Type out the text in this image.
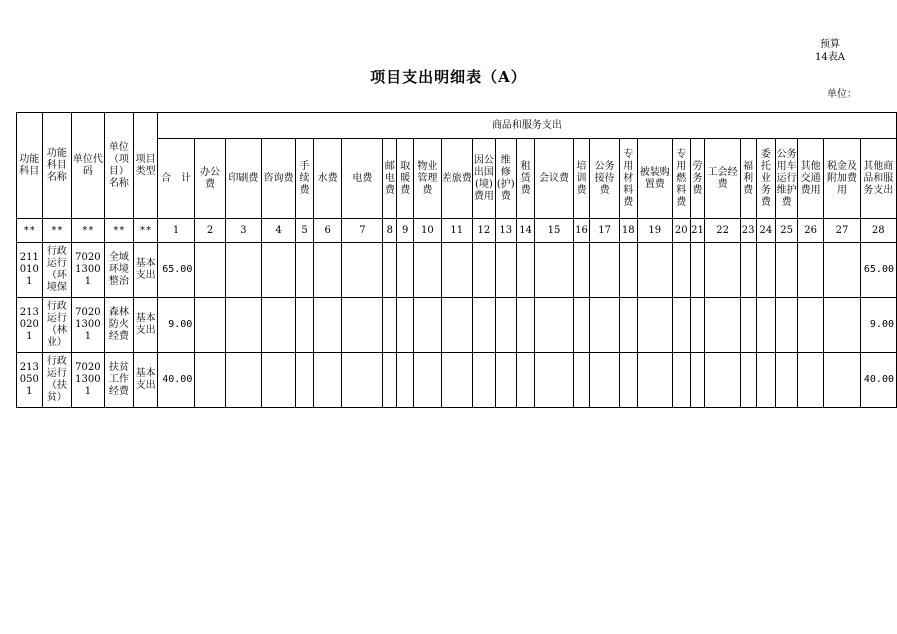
预算
14表A
项目支出明细表（A）
单位：
功能科目	功能科目名称	单位代码	单位（项目）名称	项目类型	商品和服务支出																											
					合　计	办公费	印刷费	咨询费	手续费	水费	电费	邮电费	取暖费	物业管理费	差旅费	因公出国(境)费用	维修(护)费	租赁费	会议费	培训费	公务接待费	专用材料费	被装购置费	专用燃料费	劳务费	工会经费	福利费	委托业务费	公务用车运行维护费	其他交通费用	税金及附加费用	其他商品和服务支出
**	**	**	**	**	1	2	3	4	5	6	7	8	9	10	11	12	13	14	15	16	17	18	19	20	21	22	23	24	25	26	27	28
2110101	行政运行（环境保	702013001	全域环境整治	基本支出	65.00																											65.00
2130201	行政运行（林业）	702013001	森林防火经费	基本支出	9.00																											9.00
2130501	行政运行（扶贫）	702013001	扶贫工作经费	基本支出	40.00																											40.00
